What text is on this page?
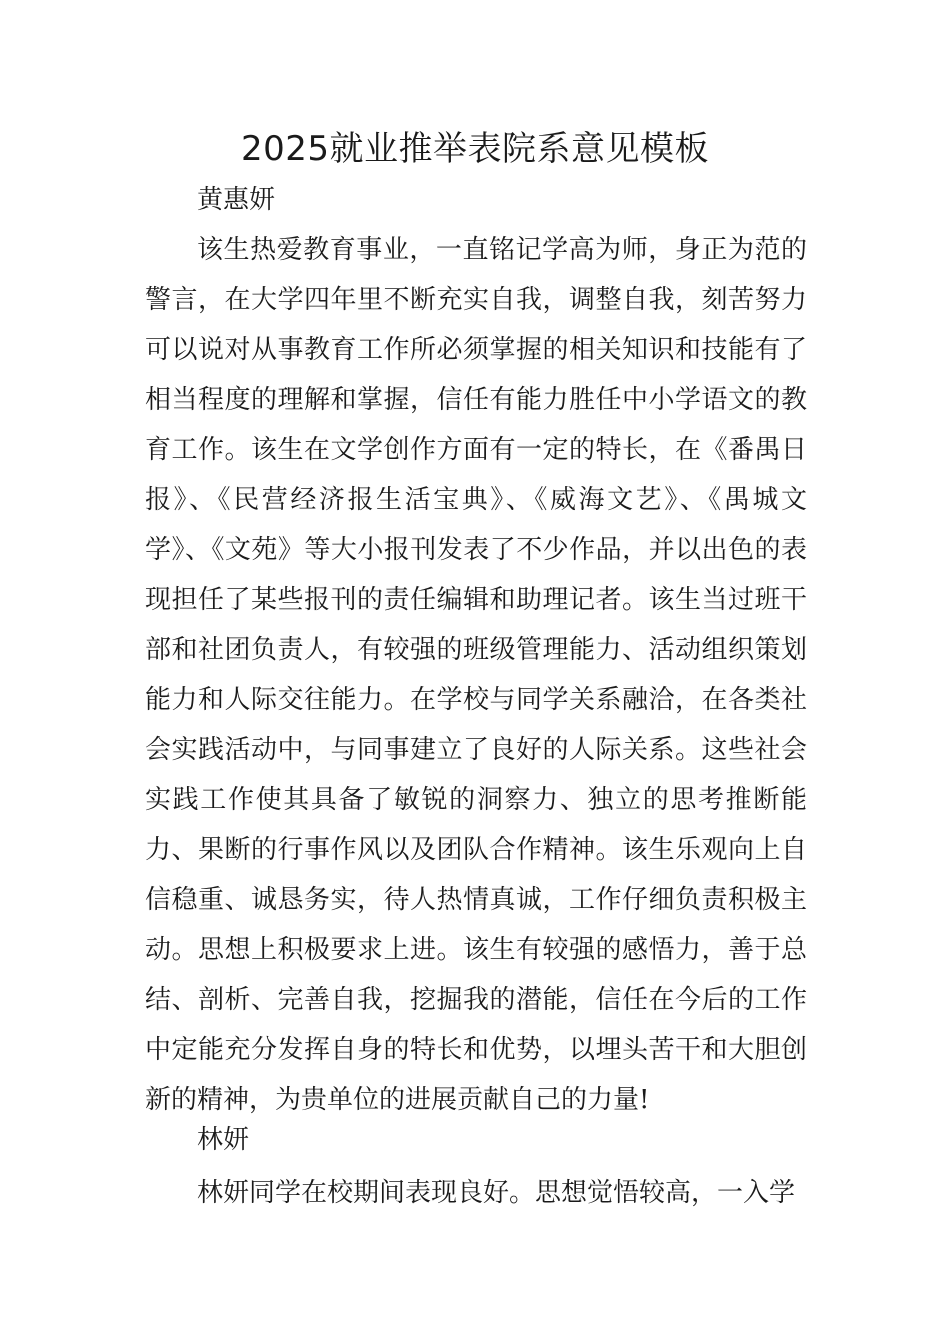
2025就业推举表院系意见模板

黄惠妍

该生热爱教育事业，一直铭记学高为师，身正为范的警言，在大学四年里不断充实自我，调整自我，刻苦努力可以说对从事教育工作所必须掌握的相关知识和技能有了相当程度的理解和掌握，信任有能力胜任中小学语文的教育工作。该生在文学创作方面有一定的特长，在《番禺日报》、《民营经济报生活宝典》、《威海文艺》、《禺城文学》、《文苑》等大小报刊发表了不少作品，并以出色的表现担任了某些报刊的责任编辑和助理记者。该生当过班干部和社团负责人，有较强的班级管理能力、活动组织策划能力和人际交往能力。在学校与同学关系融洽，在各类社会实践活动中，与同事建立了良好的人际关系。这些社会实践工作使其具备了敏锐的洞察力、独立的思考推断能力、果断的行事作风以及团队合作精神。该生乐观向上自信稳重、诚恳务实，待人热情真诚，工作仔细负责积极主动。思想上积极要求上进。该生有较强的感悟力，善于总结、剖析、完善自我，挖掘我的潜能，信任在今后的工作中定能充分发挥自身的特长和优势，以埋头苦干和大胆创新的精神，为贵单位的进展贡献自己的力量!

林妍

林妍同学在校期间表现良好。思想觉悟较高，一入学
